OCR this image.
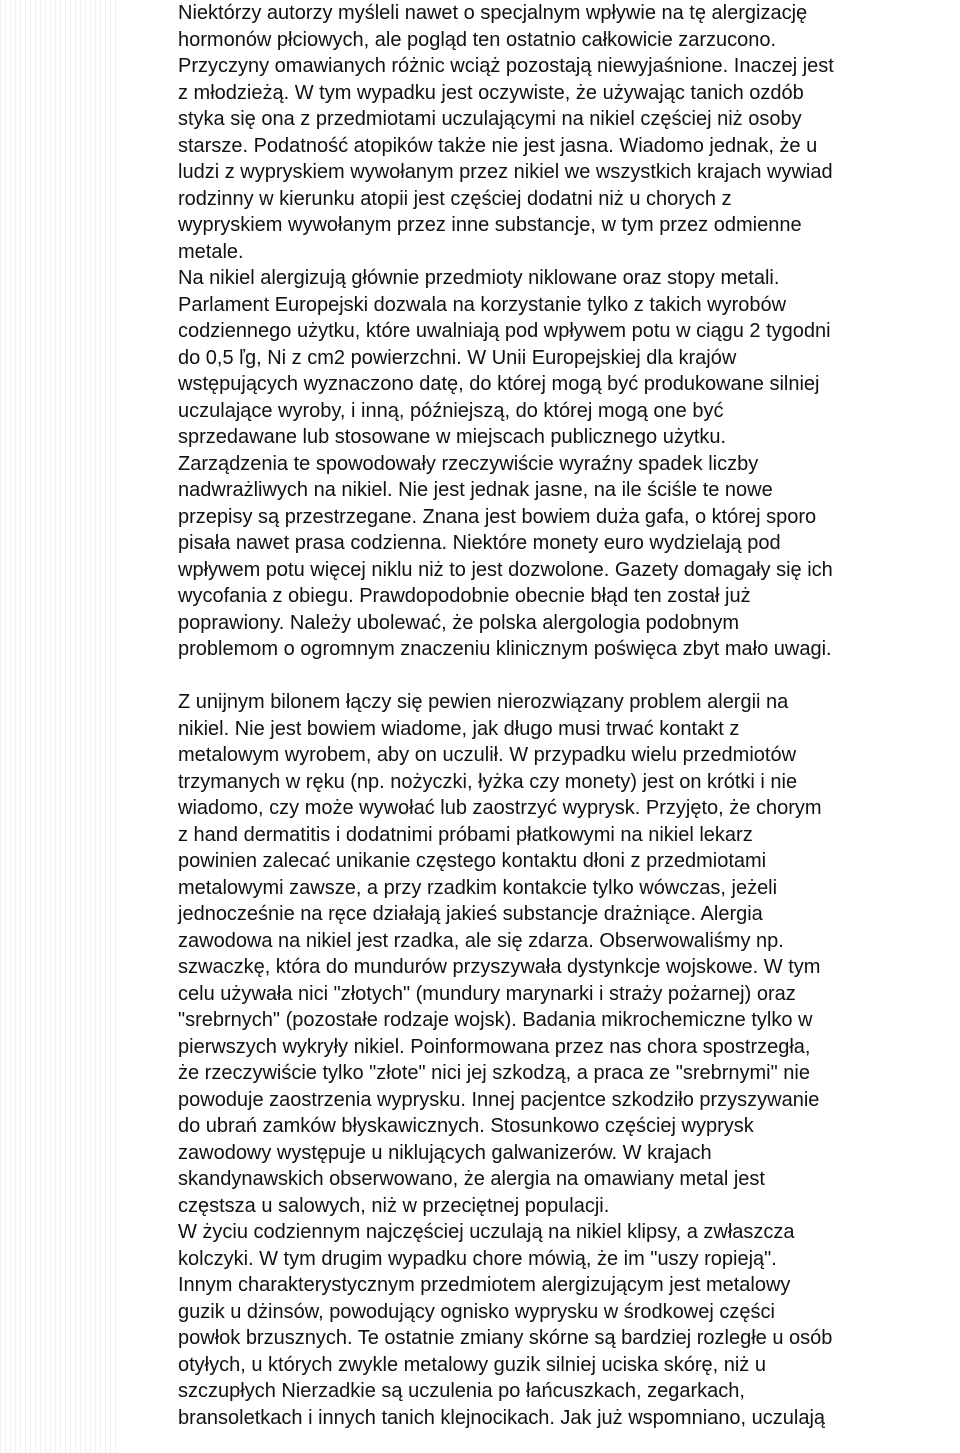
Niektórzy autorzy myśleli nawet o specjalnym wpływie na tę alergizację
hormonów płciowych, ale pogląd ten ostatnio całkowicie zarzucono.
Przyczyny omawianych różnic wciąż pozostają niewyjaśnione. Inaczej jest
z młodzieżą. W tym wypadku jest oczywiste, że używając tanich ozdób
styka się ona z przedmiotami uczulającymi na nikiel częściej niż osoby
starsze. Podatność atopików także nie jest jasna. Wiadomo jednak, że u
ludzi z wypryskiem wywołanym przez nikiel we wszystkich krajach wywiad
rodzinny w kierunku atopii jest częściej dodatni niż u chorych z
wypryskiem wywołanym przez inne substancje, w tym przez odmienne
metale.

Na nikiel alergizują głównie przedmioty niklowane oraz stopy metali.
Parlament Europejski dozwala na korzystanie tylko z takich wyrobów
codziennego użytku, które uwalniają pod wpływem potu w ciągu 2 tygodni
do 0,5 ľg, Ni z cm2 powierzchni. W Unii Europejskiej dla krajów
wstępujących wyznaczono datę, do której mogą być produkowane silniej
uczulające wyroby, i inną, późniejszą, do której mogą one być
sprzedawane lub stosowane w miejscach publicznego użytku.
Zarządzenia te spowodowały rzeczywiście wyraźny spadek liczby
nadwrażliwych na nikiel. Nie jest jednak jasne, na ile ściśle te nowe
przepisy są przestrzegane. Znana jest bowiem duża gafa, o której sporo
pisała nawet prasa codzienna. Niektóre monety euro wydzielają pod
wpływem potu więcej niklu niż to jest dozwolone. Gazety domagały się ich
wycofania z obiegu. Prawdopodobnie obecnie błąd ten został już
poprawiony. Należy ubolewać, że polska alergologia podobnym
problemom o ogromnym znaczeniu klinicznym poświęca zbyt mało uwagi.

Z unijnym bilonem łączy się pewien nierozwiązany problem alergii na
nikiel. Nie jest bowiem wiadome, jak długo musi trwać kontakt z
metalowym wyrobem, aby on uczulił. W przypadku wielu przedmiotów
trzymanych w ręku (np. nożyczki, łyżka czy monety) jest on krótki i nie
wiadomo, czy może wywołać lub zaostrzyć wyprysk. Przyjęto, że chorym
z hand dermatitis i dodatnimi próbami płatkowymi na nikiel lekarz
powinien zalecać unikanie częstego kontaktu dłoni z przedmiotami
metalowymi zawsze, a przy rzadkim kontakcie tylko wówczas, jeżeli
jednocześnie na ręce działają jakieś substancje drażniące. Alergia
zawodowa na nikiel jest rzadka, ale się zdarza. Obserwowaliśmy np.
szwaczkę, która do mundurów przyszywała dystynkcje wojskowe. W tym
celu używała nici "złotych" (mundury marynarki i straży pożarnej) oraz
"srebrnych" (pozostałe rodzaje wojsk). Badania mikrochemiczne tylko w
pierwszych wykryły nikiel. Poinformowana przez nas chora spostrzegła,
że rzeczywiście tylko "złote" nici jej szkodzą, a praca ze "srebrnymi" nie
powoduje zaostrzenia wyprysku. Innej pacjentce szkodziło przyszywanie
do ubrań zamków błyskawicznych. Stosunkowo częściej wyprysk
zawodowy występuje u niklujących galwanizerów. W krajach
skandynawskich obserwowano, że alergia na omawiany metal jest
częstsza u salowych, niż w przeciętnej populacji.

W życiu codziennym najczęściej uczulają na nikiel klipsy, a zwłaszcza
kolczyki. W tym drugim wypadku chore mówią, że im "uszy ropieją".
Innym charakterystycznym przedmiotem alergizującym jest metalowy
guzik u dżinsów, powodujący ognisko wyprysku w środkowej części
powłok brzusznych. Te ostatnie zmiany skórne są bardziej rozległe u osób
otyłych, u których zwykle metalowy guzik silniej uciska skórę, niż u
szczupłych Nierzadkie są uczulenia po łańcuszkach, zegarkach,
bransoletkach i innych tanich klejnocikach. Jak już wspomniano, uczulają
